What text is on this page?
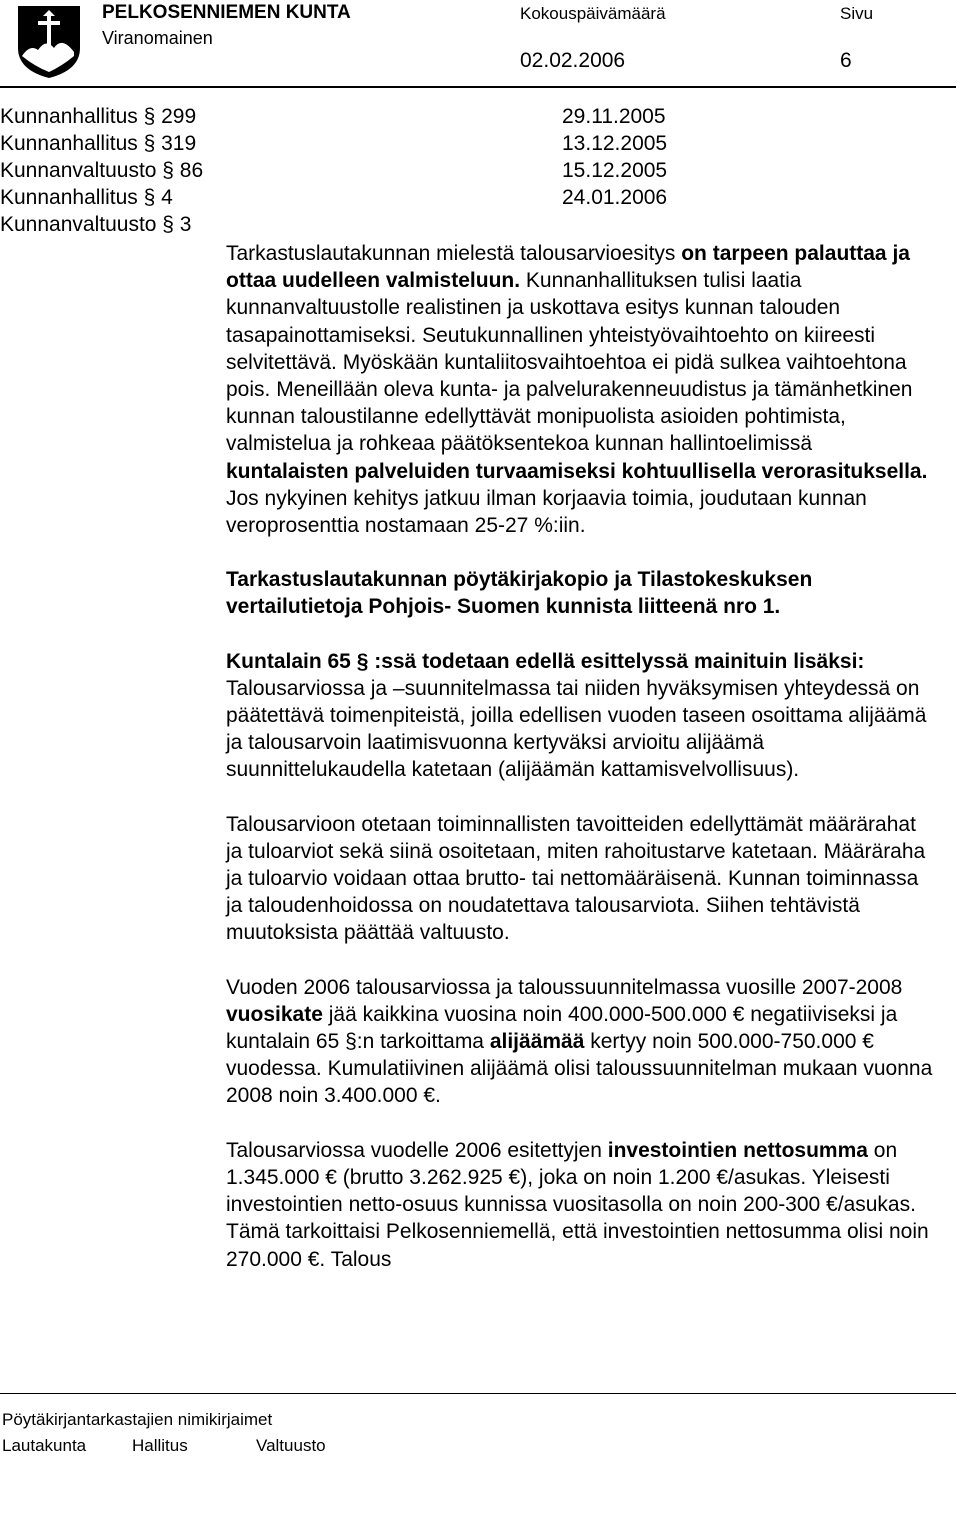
PELKOSENNIEMEN KUNTA
Viranomainen
Kokouspäivämäärä
02.02.2006
Sivu
6
Kunnanhallitus § 299	29.11.2005
Kunnanhallitus § 319	13.12.2005
Kunnanvaltuusto § 86	15.12.2005
Kunnanhallitus § 4	24.01.2006
Kunnanvaltuusto § 3

Tarkastuslautakunnan mielestä talousarvioesitys on tarpeen palauttaa ja ottaa uudelleen valmisteluun. Kunnanhallituksen tulisi laatia kunnanvaltuustolle realistinen ja uskottava esitys kunnan talouden tasapainottamiseksi. Seutukunnallinen yhteistyövaihtoehto on kiireesti selvitettävä. Myöskään kuntaliitosvaihtoehtoa ei pidä sulkea vaihtoehtona pois. Meneillään oleva kunta- ja palvelurakenneuudistus ja tämänhetkinen kunnan taloustilanne edellyttävät monipuolista asioiden pohtimista, valmistelua ja rohkeaa päätöksentekoa kunnan hallintoelimissä kuntalaisten palveluiden turvaamiseksi kohtuullisella verorasituksella. Jos nykyinen kehitys jatkuu ilman korjaavia toimia, joudutaan kunnan veroprosenttia nostamaan 25-27 %:iin.

Tarkastuslautakunnan pöytäkirjakopio ja Tilastokeskuksen vertailutietoja Pohjois- Suomen kunnista liitteenä nro 1.

Kuntalain 65 § :ssä todetaan edellä esittelyssä mainituin lisäksi: Talousarviossa ja –suunnitelmassa tai niiden hyväksymisen yhteydessä on päätettävä toimenpiteistä, joilla edellisen vuoden taseen osoittama alijäämä ja talousarvoin laatimisvuonna kertyväksi arvioitu alijäämä suunnittelukaudella katetaan (alijäämän kattamisvelvollisuus).

Talousarvioon otetaan toiminnallisten tavoitteiden edellyttämät määrärahat ja tuloarviot sekä siinä osoitetaan, miten rahoitustarve katetaan. Määräraha ja tuloarvio voidaan ottaa brutto- tai nettomääräisenä. Kunnan toiminnassa ja taloudenhoidossa on noudatettava talousarviota. Siihen tehtävistä muutoksista päättää valtuusto.

Vuoden 2006 talousarviossa ja taloussuunnitelmassa vuosille 2007-2008 vuosikate jää kaikkina vuosina noin 400.000-500.000 € negatiiviseksi ja kuntalain 65 §:n tarkoittama alijäämää kertyy noin 500.000-750.000 € vuodessa. Kumulatiivinen alijäämä olisi taloussuunnitelman mukaan vuonna 2008 noin 3.400.000 €.

Talousarviossa vuodelle 2006 esitettyjen investointien nettosumma on 1.345.000 € (brutto 3.262.925 €), joka on noin 1.200 €/asukas. Yleisesti investointien netto-osuus kunnissa vuositasolla on noin 200-300 €/asukas. Tämä tarkoittaisi Pelkosenniemellä, että investointien nettosumma olisi noin 270.000 €. Talous

Pöytäkirjantarkastajien nimikirjaimet
Lautakunta	Hallitus	Valtuusto
